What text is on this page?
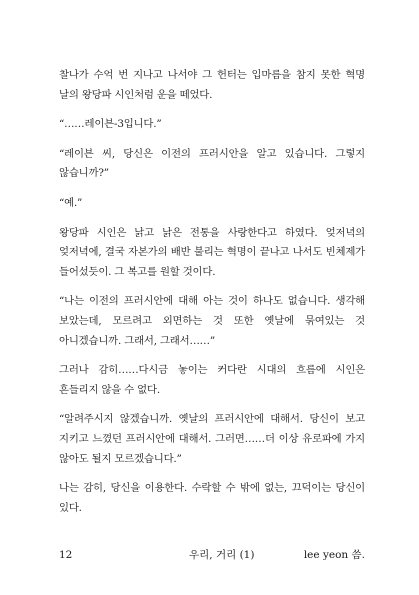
찰나가 수억 번 지나고 나서야 그 헌터는 입마름을 참지 못한 혁명 날의 왕당파 시인처럼 운을 떼었다.

“……레이븐-3입니다.”

“레이븐 씨, 당신은 이전의 프러시안을 알고 있습니다. 그렇지 않습니까?”

“예.”

왕당파 시인은 낡고 낡은 전통을 사랑한다고 하였다. 엊저녁의 엊저녁에, 결국 자본가의 배반 불리는 혁명이 끝나고 나서도 빈체제가 들어섰듯이. 그 복고를 원할 것이다.

“나는 이전의 프러시안에 대해 아는 것이 하나도 없습니다. 생각해 보았는데, 모르려고 외면하는 것 또한 옛날에 묶여있는 것 아니겠습니까. 그래서, 그래서……”

그러나 감히……다시금 놓이는 커다란 시대의 흐름에 시인은 흔들리지 않을 수 없다.

“알려주시지 않겠습니까. 옛날의 프러시안에 대해서. 당신이 보고 지키고 느꼈던 프러시안에 대해서. 그러면……더 이상 유로파에 가지 않아도 될지 모르겠습니다.”

나는 감히, 당신을 이용한다. 수락할 수 밖에 없는, 끄덕이는 당신이 있다.

12	우리, 거리 (1)	lee yeon 씀.
